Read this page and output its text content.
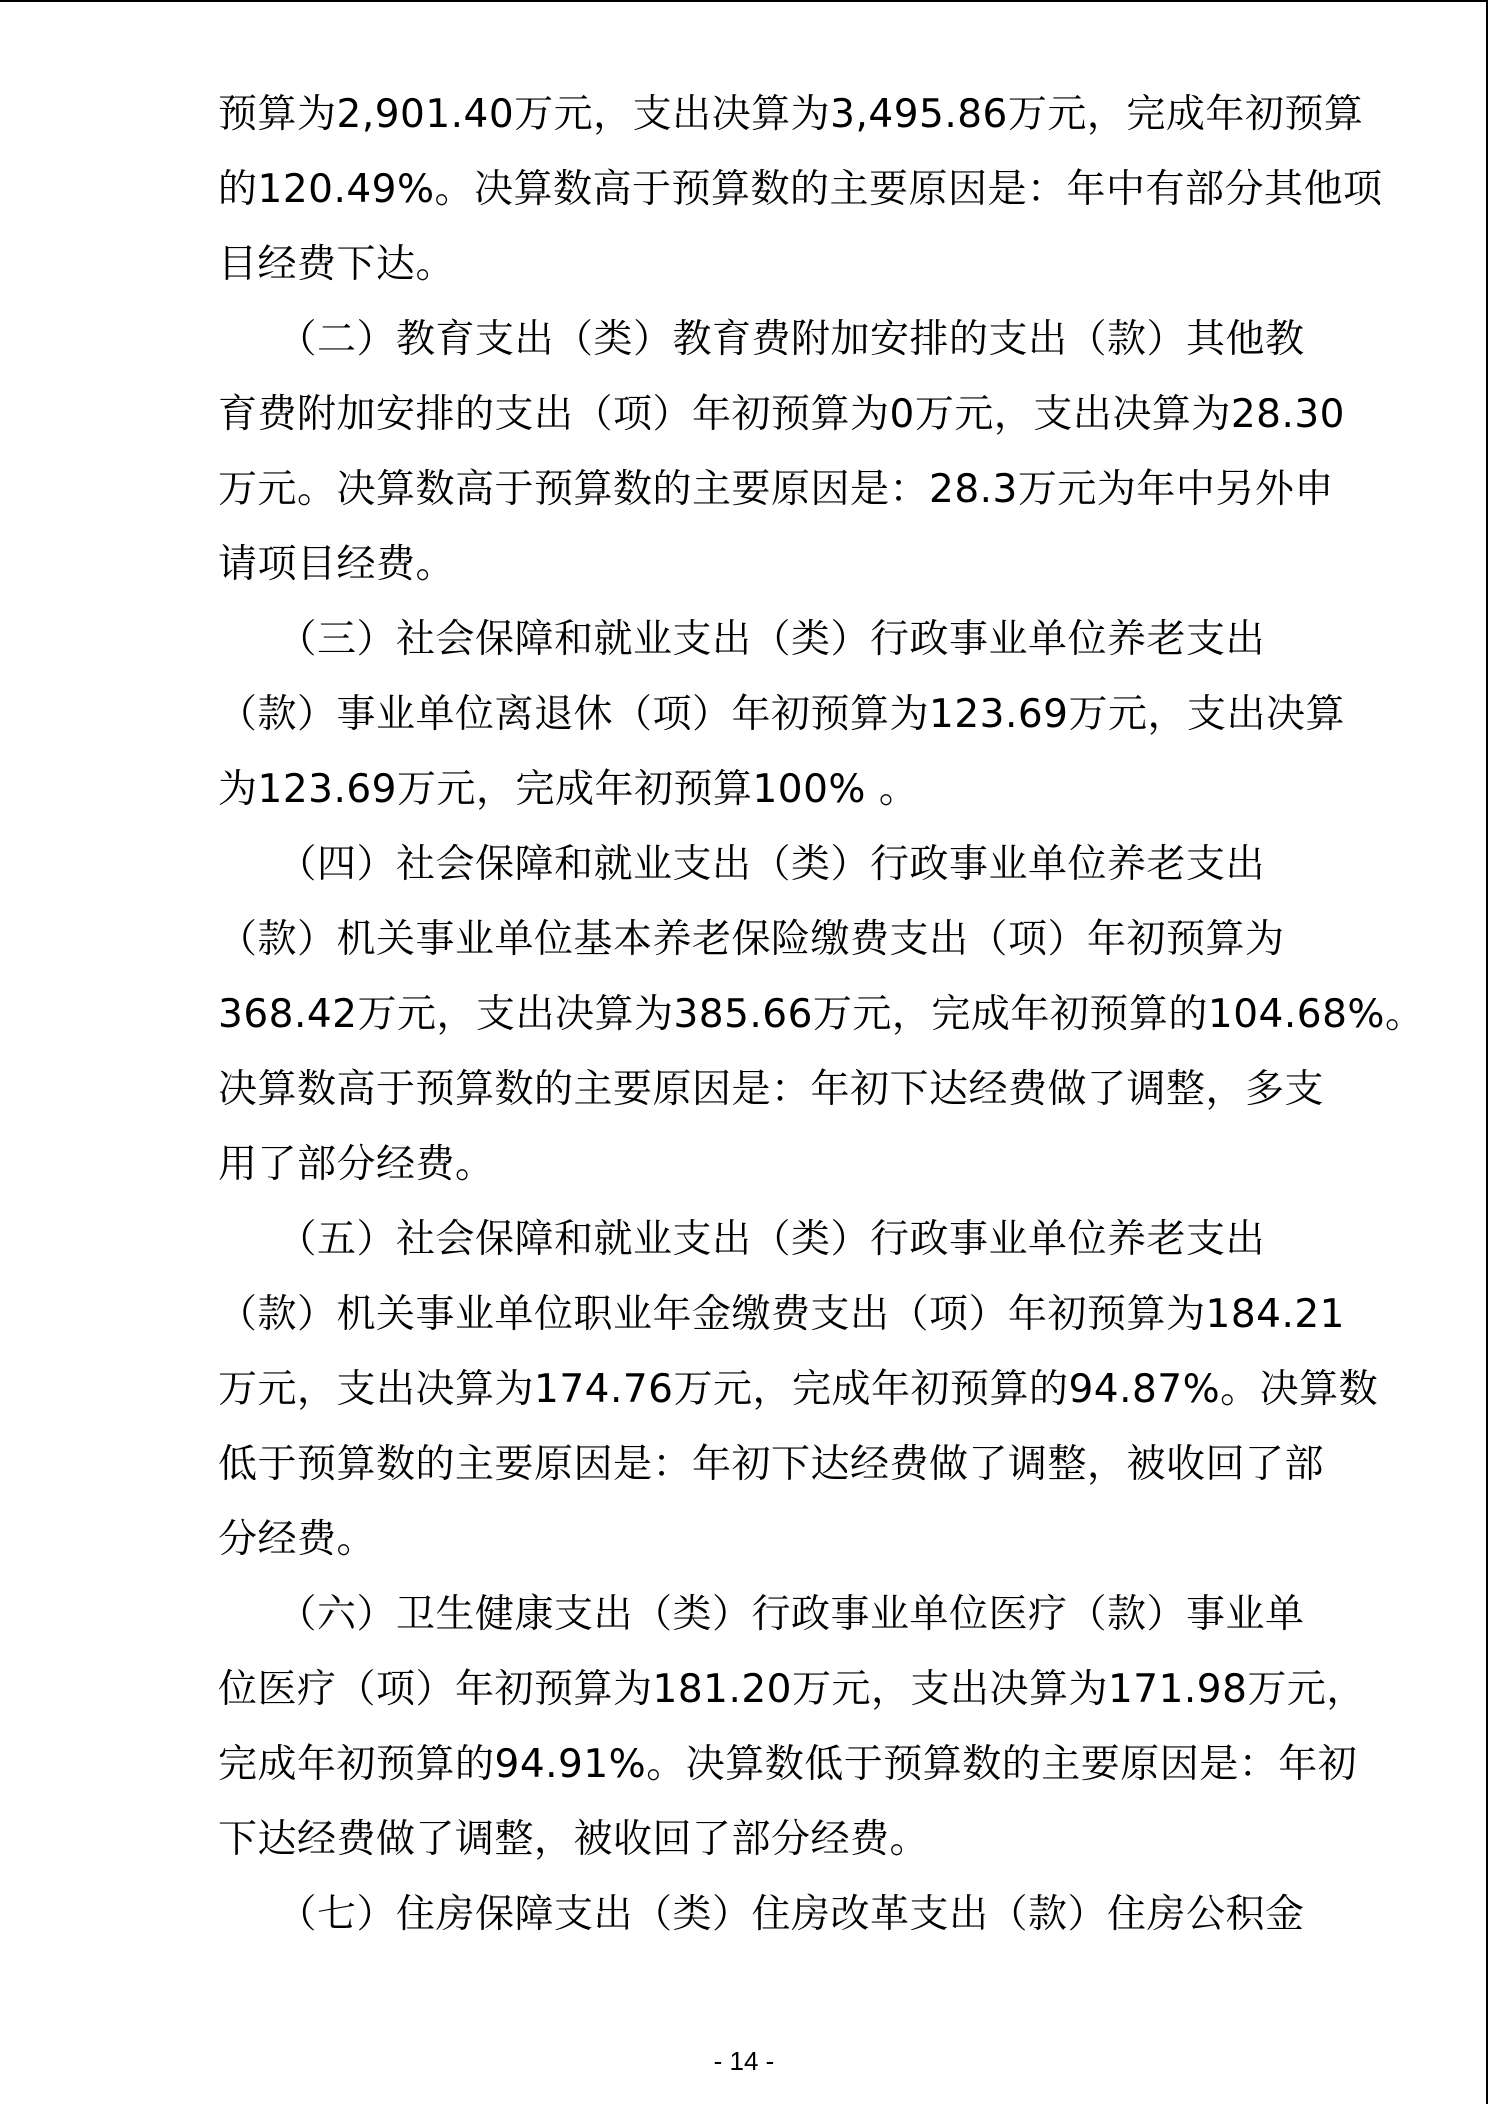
预算为2,901.40万元，支出决算为3,495.86万元，完成年初预算
的120.49%。决算数高于预算数的主要原因是：年中有部分其他项
目经费下达。
　　（二）教育支出（类）教育费附加安排的支出（款）其他教
育费附加安排的支出（项）年初预算为0万元，支出决算为28.30
万元。决算数高于预算数的主要原因是：28.3万元为年中另外申
请项目经费。
　　（三）社会保障和就业支出（类）行政事业单位养老支出
（款）事业单位离退休（项）年初预算为123.69万元，支出决算
为123.69万元，完成年初预算100% 。
　　（四）社会保障和就业支出（类）行政事业单位养老支出
（款）机关事业单位基本养老保险缴费支出（项）年初预算为
368.42万元，支出决算为385.66万元，完成年初预算的104.68%。
决算数高于预算数的主要原因是：年初下达经费做了调整，多支
用了部分经费。
　　（五）社会保障和就业支出（类）行政事业单位养老支出
（款）机关事业单位职业年金缴费支出（项）年初预算为184.21
万元，支出决算为174.76万元，完成年初预算的94.87%。决算数
低于预算数的主要原因是：年初下达经费做了调整，被收回了部
分经费。
　　（六）卫生健康支出（类）行政事业单位医疗（款）事业单
位医疗（项）年初预算为181.20万元，支出决算为171.98万元，
完成年初预算的94.91%。决算数低于预算数的主要原因是：年初
下达经费做了调整，被收回了部分经费。
　　（七）住房保障支出（类）住房改革支出（款）住房公积金
- 14 -
